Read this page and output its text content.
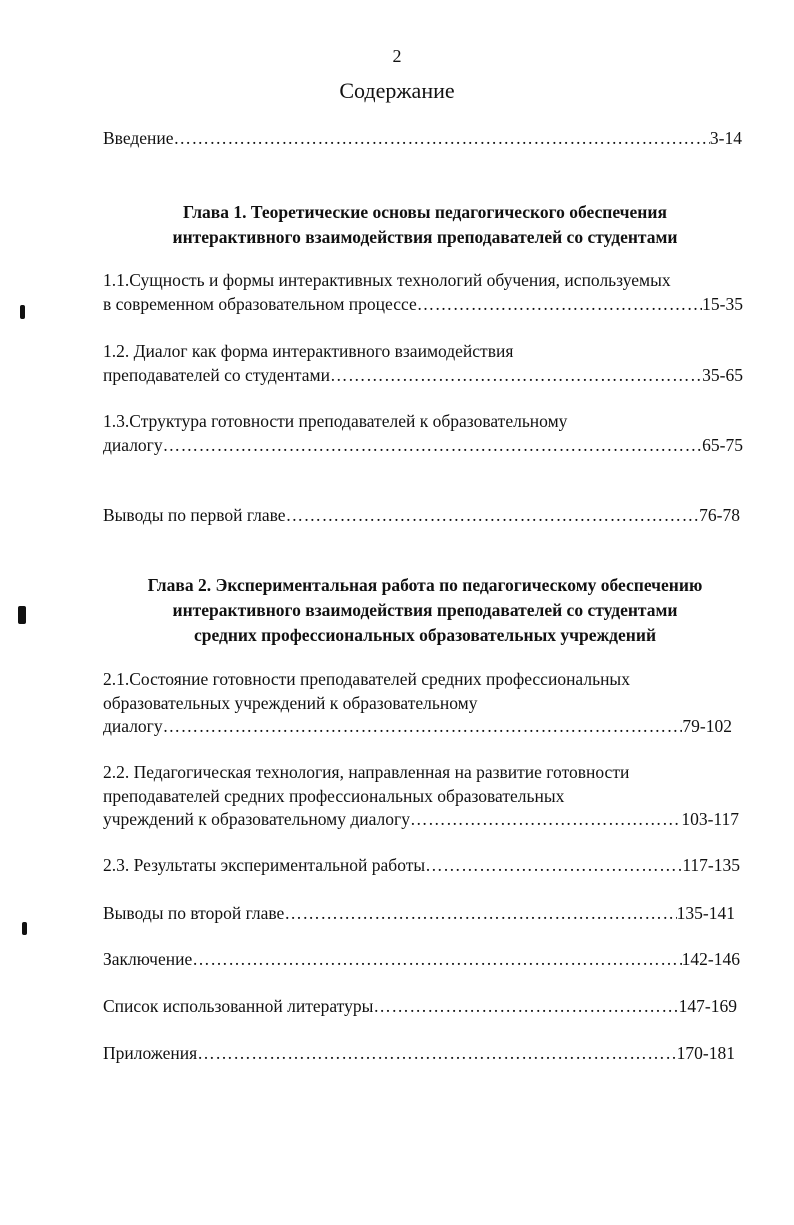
2
Содержание
Введение ………………………………………………………………………………………………………………………………………………	3-14
Глава 1. Теоретические основы педагогического обеспечения
интерактивного взаимодействия преподавателей со студентами
1.1.Сущность и формы интерактивных технологий обучения, используемых
в современном образовательном процессе ………………………………………………………………………………………………………………………………………………	15-35
1.2. Диалог как форма интерактивного взаимодействия
преподавателей со студентами ………………………………………………………………………………………………………………………………………………	35-65
1.3.Структура готовности преподавателей к образовательному
диалогу ………………………………………………………………………………………………………………………………………………	65-75
Выводы по первой главе ………………………………………………………………………………………………………………………………………………	76-78
Глава 2. Экспериментальная работа по педагогическому обеспечению
интерактивного взаимодействия преподавателей со студентами
средних профессиональных образовательных учреждений
2.1.Состояние готовности преподавателей средних профессиональных
образовательных учреждений к образовательному
диалогу ………………………………………………………………………………………………………………………………………………	79-102
2.2. Педагогическая технология, направленная на развитие готовности
преподавателей средних профессиональных образовательных
учреждений к образовательному диалогу ………………………………………………………………………………………………………………………………………………	103-117
2.3. Результаты экспериментальной работы ………………………………………………………………………………………………………………………………………………	117-135
Выводы по второй главе ………………………………………………………………………………………………………………………………………………	135-141
Заключение ………………………………………………………………………………………………………………………………………………	142-146
Список использованной литературы ………………………………………………………………………………………………………………………………………………	147-169
Приложения ………………………………………………………………………………………………………………………………………………	170-181
